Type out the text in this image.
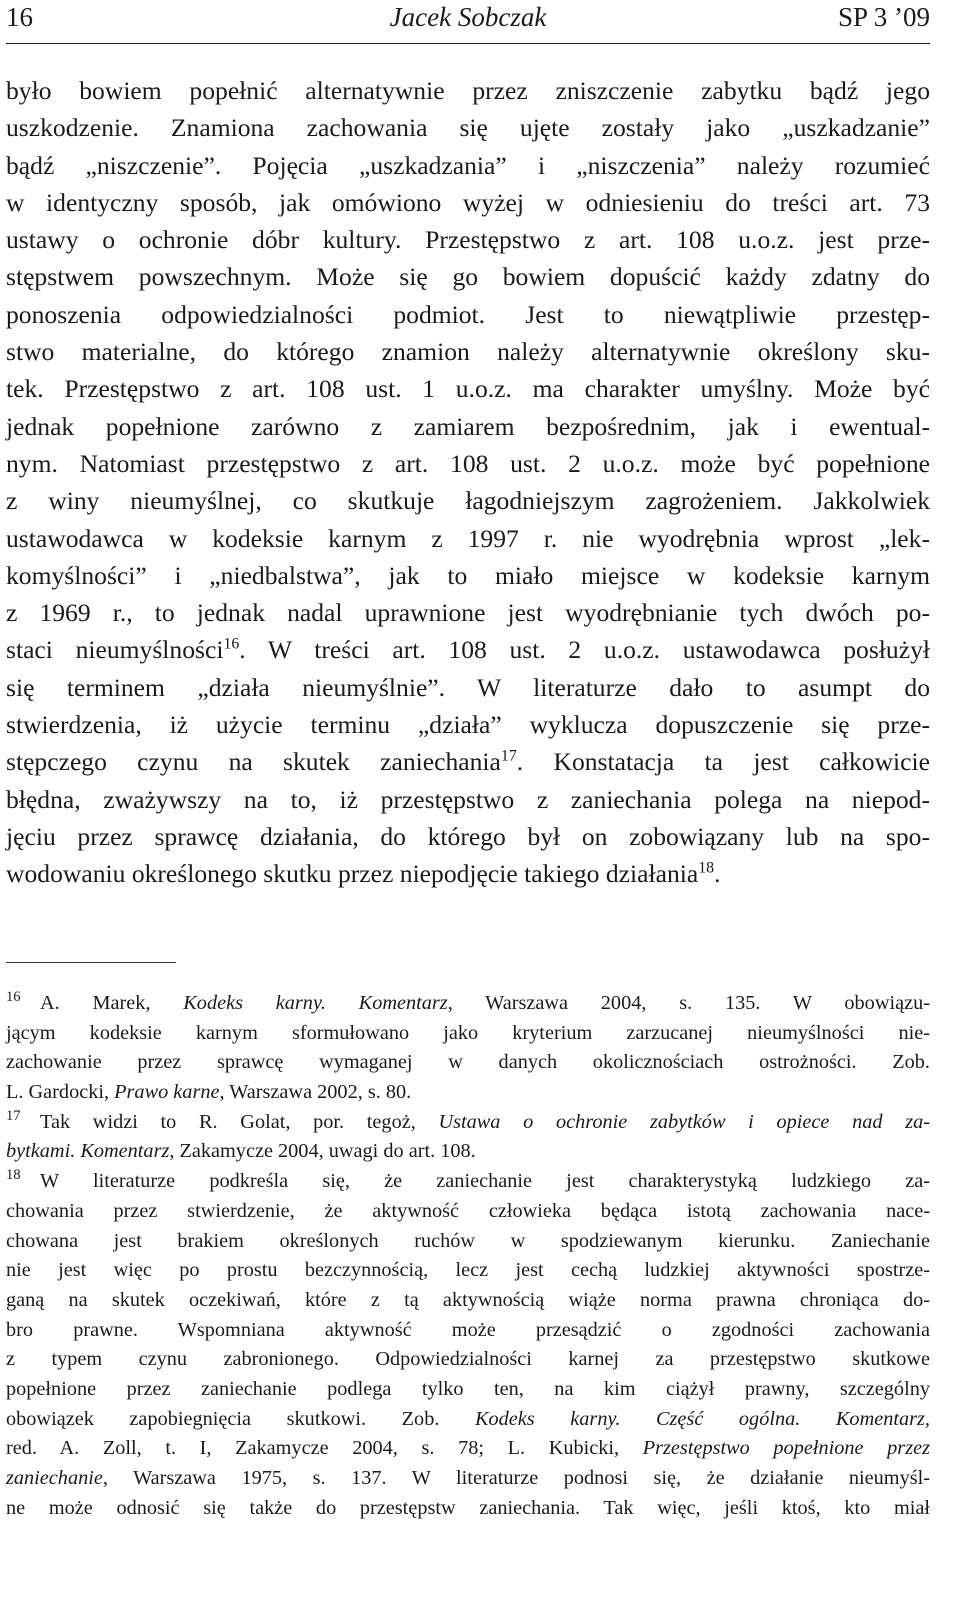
16	Jacek Sobczak	SP 3 ’09
było bowiem popełnić alternatywnie przez zniszczenie zabytku bądź jego
uszkodzenie. Znamiona zachowania się ujęte zostały jako „uszkadzanie”
bądź „niszczenie”. Pojęcia „uszkadzania” i „niszczenia” należy rozumieć
w identyczny sposób, jak omówiono wyżej w odniesieniu do treści art. 73
ustawy o ochronie dóbr kultury. Przestępstwo z art. 108 u.o.z. jest prze-
stępstwem powszechnym. Może się go bowiem dopuścić każdy zdatny do
ponoszenia odpowiedzialności podmiot. Jest to niewątpliwie przestęp-
stwo materialne, do którego znamion należy alternatywnie określony sku-
tek. Przestępstwo z art. 108 ust. 1 u.o.z. ma charakter umyślny. Może być
jednak popełnione zarówno z zamiarem bezpośrednim, jak i ewentual-
nym. Natomiast przestępstwo z art. 108 ust. 2 u.o.z. może być popełnione
z winy nieumyślnej, co skutkuje łagodniejszym zagrożeniem. Jakkolwiek
ustawodawca w kodeksie karnym z 1997 r. nie wyodrębnia wprost „lek-
komyślności” i „niedbalstwa”, jak to miało miejsce w kodeksie karnym
z 1969 r., to jednak nadal uprawnione jest wyodrębnianie tych dwóch po-
staci nieumyślności$^{16}$. W treści art. 108 ust. 2 u.o.z. ustawodawca posłużył
się terminem „działa nieumyślnie”. W literaturze dało to asumpt do
stwierdzenia, iż użycie terminu „działa” wyklucza dopuszczenie się prze-
stępczego czynu na skutek zaniechania$^{17}$. Konstatacja ta jest całkowicie
błędna, zważywszy na to, iż przestępstwo z zaniechania polega na niepod-
jęciu przez sprawcę działania, do którego był on zobowiązany lub na spo-
wodowaniu określonego skutku przez niepodjęcie takiego działania$^{18}$.
$^{16}$ A. Marek, Kodeks karny. Komentarz, Warszawa 2004, s. 135. W obowiązu-
jącym kodeksie karnym sformułowano jako kryterium zarzucanej nieumyślności nie-
zachowanie przez sprawcę wymaganej w danych okolicznościach ostrożności. Zob.
L. Gardocki, Prawo karne, Warszawa 2002, s. 80.
$^{17}$ Tak widzi to R. Golat, por. tegoż, Ustawa o ochronie zabytków i opiece nad za-
bytkami. Komentarz, Zakamycze 2004, uwagi do art. 108.
$^{18}$ W literaturze podkreśla się, że zaniechanie jest charakterystyką ludzkiego za-
chowania przez stwierdzenie, że aktywność człowieka będąca istotą zachowania nace-
chowana jest brakiem określonych ruchów w spodziewanym kierunku. Zaniechanie
nie jest więc po prostu bezczynnością, lecz jest cechą ludzkiej aktywności spostrze-
ganą na skutek oczekiwań, które z tą aktywnością wiąże norma prawna chroniąca do-
bro prawne. Wspomniana aktywność może przesądzić o zgodności zachowania
z typem czynu zabronionego. Odpowiedzialności karnej za przestępstwo skutkowe
popełnione przez zaniechanie podlega tylko ten, na kim ciążył prawny, szczególny
obowiązek zapobiegnięcia skutkowi. Zob. Kodeks karny. Część ogólna. Komentarz,
red. A. Zoll, t. I, Zakamycze 2004, s. 78; L. Kubicki, Przestępstwo popełnione przez
zaniechanie, Warszawa 1975, s. 137. W literaturze podnosi się, że działanie nieumyśl-
ne może odnosić się także do przestępstw zaniechania. Tak więc, jeśli ktoś, kto miał
